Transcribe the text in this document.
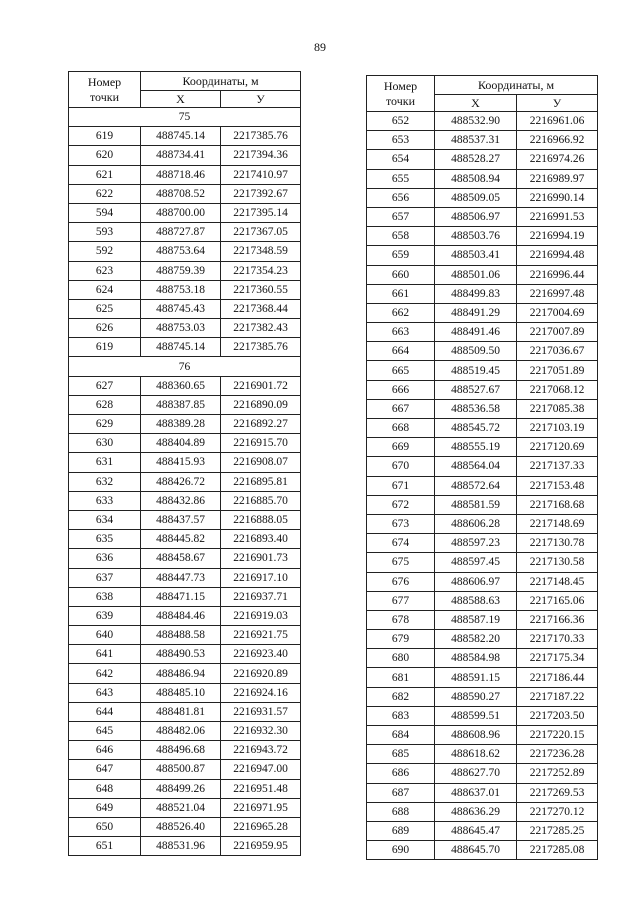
89
Номер
точки	Координаты, м	
	Х	У
75		
619	488745.14	2217385.76
620	488734.41	2217394.36
621	488718.46	2217410.97
622	488708.52	2217392.67
594	488700.00	2217395.14
593	488727.87	2217367.05
592	488753.64	2217348.59
623	488759.39	2217354.23
624	488753.18	2217360.55
625	488745.43	2217368.44
626	488753.03	2217382.43
619	488745.14	2217385.76
76		
627	488360.65	2216901.72
628	488387.85	2216890.09
629	488389.28	2216892.27
630	488404.89	2216915.70
631	488415.93	2216908.07
632	488426.72	2216895.81
633	488432.86	2216885.70
634	488437.57	2216888.05
635	488445.82	2216893.40
636	488458.67	2216901.73
637	488447.73	2216917.10
638	488471.15	2216937.71
639	488484.46	2216919.03
640	488488.58	2216921.75
641	488490.53	2216923.40
642	488486.94	2216920.89
643	488485.10	2216924.16
644	488481.81	2216931.57
645	488482.06	2216932.30
646	488496.68	2216943.72
647	488500.87	2216947.00
648	488499.26	2216951.48
649	488521.04	2216971.95
650	488526.40	2216965.28
651	488531.96	2216959.95
Номер
точки	Координаты, м	
	Х	У
652	488532.90	2216961.06
653	488537.31	2216966.92
654	488528.27	2216974.26
655	488508.94	2216989.97
656	488509.05	2216990.14
657	488506.97	2216991.53
658	488503.76	2216994.19
659	488503.41	2216994.48
660	488501.06	2216996.44
661	488499.83	2216997.48
662	488491.29	2217004.69
663	488491.46	2217007.89
664	488509.50	2217036.67
665	488519.45	2217051.89
666	488527.67	2217068.12
667	488536.58	2217085.38
668	488545.72	2217103.19
669	488555.19	2217120.69
670	488564.04	2217137.33
671	488572.64	2217153.48
672	488581.59	2217168.68
673	488606.28	2217148.69
674	488597.23	2217130.78
675	488597.45	2217130.58
676	488606.97	2217148.45
677	488588.63	2217165.06
678	488587.19	2217166.36
679	488582.20	2217170.33
680	488584.98	2217175.34
681	488591.15	2217186.44
682	488590.27	2217187.22
683	488599.51	2217203.50
684	488608.96	2217220.15
685	488618.62	2217236.28
686	488627.70	2217252.89
687	488637.01	2217269.53
688	488636.29	2217270.12
689	488645.47	2217285.25
690	488645.70	2217285.08
